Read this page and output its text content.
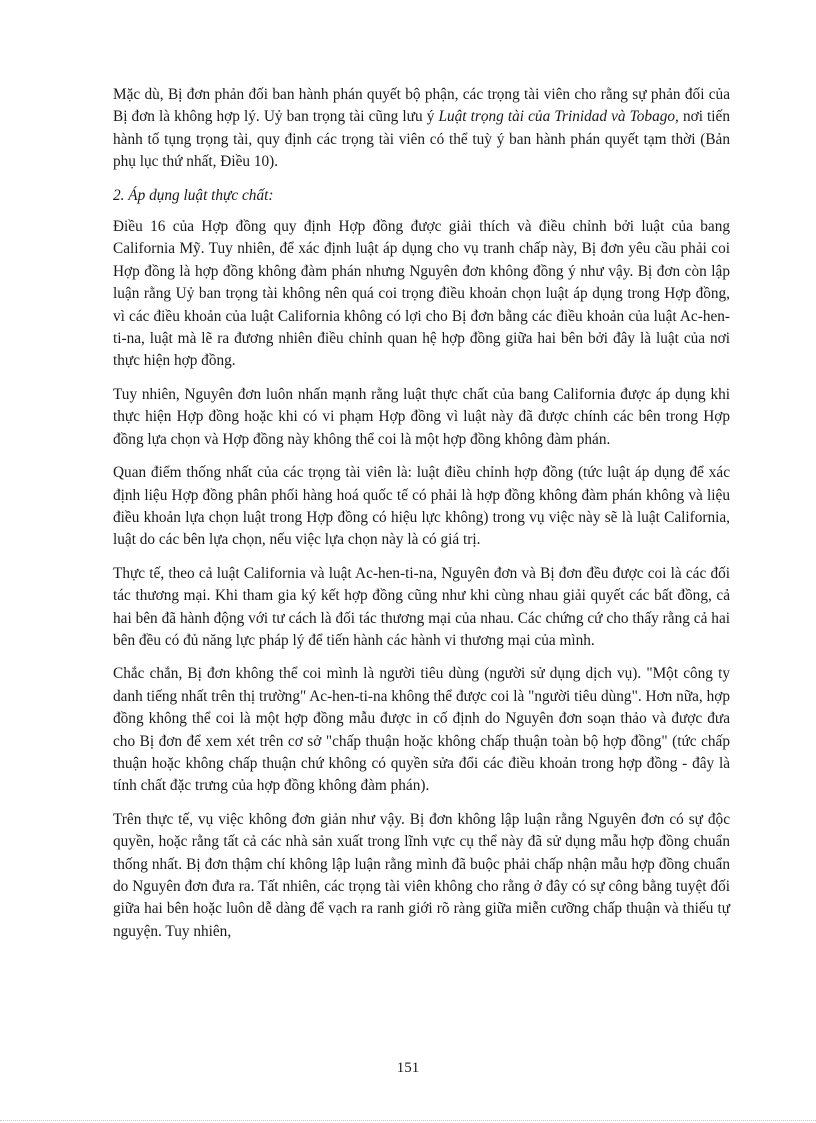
Mặc dù, Bị đơn phản đối ban hành phán quyết bộ phận, các trọng tài viên cho rằng sự phản đối của Bị đơn là không hợp lý. Uỷ ban trọng tài cũng lưu ý Luật trọng tài của Trinidad và Tobago, nơi tiến hành tố tụng trọng tài, quy định các trọng tài viên có thể tuỳ ý ban hành phán quyết tạm thời (Bản phụ lục thứ nhất, Điều 10).

2. Áp dụng luật thực chất:

Điều 16 của Hợp đồng quy định Hợp đồng được giải thích và điều chỉnh bởi luật của bang California Mỹ. Tuy nhiên, để xác định luật áp dụng cho vụ tranh chấp này, Bị đơn yêu cầu phải coi Hợp đồng là hợp đồng không đàm phán nhưng Nguyên đơn không đồng ý như vậy. Bị đơn còn lập luận rằng Uỷ ban trọng tài không nên quá coi trọng điều khoản chọn luật áp dụng trong Hợp đồng, vì các điều khoản của luật California không có lợi cho Bị đơn bằng các điều khoản của luật Ac-hen-ti-na, luật mà lẽ ra đương nhiên điều chỉnh quan hệ hợp đồng giữa hai bên bởi đây là luật của nơi thực hiện hợp đồng.

Tuy nhiên, Nguyên đơn luôn nhấn mạnh rằng luật thực chất của bang California được áp dụng khi thực hiện Hợp đồng hoặc khi có vi phạm Hợp đồng vì luật này đã được chính các bên trong Hợp đồng lựa chọn và Hợp đồng này không thể coi là một hợp đồng không đàm phán.

Quan điểm thống nhất của các trọng tài viên là: luật điều chỉnh hợp đồng (tức luật áp dụng để xác định liệu Hợp đồng phân phối hàng hoá quốc tế có phải là hợp đồng không đàm phán không và liệu điều khoản lựa chọn luật trong Hợp đồng có hiệu lực không) trong vụ việc này sẽ là luật California, luật do các bên lựa chọn, nếu việc lựa chọn này là có giá trị.

Thực tế, theo cả luật California và luật Ac-hen-ti-na, Nguyên đơn và Bị đơn đều được coi là các đối tác thương mại. Khi tham gia ký kết hợp đồng cũng như khi cùng nhau giải quyết các bất đồng, cả hai bên đã hành động với tư cách là đối tác thương mại của nhau. Các chứng cứ cho thấy rằng cả hai bên đều có đủ năng lực pháp lý để tiến hành các hành vi thương mại của mình.

Chắc chắn, Bị đơn không thể coi mình là người tiêu dùng (người sử dụng dịch vụ). "Một công ty danh tiếng nhất trên thị trường" Ac-hen-ti-na không thể được coi là "người tiêu dùng". Hơn nữa, hợp đồng không thể coi là một hợp đồng mẫu được in cố định do Nguyên đơn soạn thảo và được đưa cho Bị đơn để xem xét trên cơ sở "chấp thuận hoặc không chấp thuận toàn bộ hợp đồng" (tức chấp thuận hoặc không chấp thuận chứ không có quyền sửa đổi các điều khoản trong hợp đồng - đây là tính chất đặc trưng của hợp đồng không đàm phán).

Trên thực tế, vụ việc không đơn giản như vậy. Bị đơn không lập luận rằng Nguyên đơn có sự độc quyền, hoặc rằng tất cả các nhà sản xuất trong lĩnh vực cụ thể này đã sử dụng mẫu hợp đồng chuẩn thống nhất. Bị đơn thậm chí không lập luận rằng mình đã buộc phải chấp nhận mẫu hợp đồng chuẩn do Nguyên đơn đưa ra. Tất nhiên, các trọng tài viên không cho rằng ở đây có sự công bằng tuyệt đối giữa hai bên hoặc luôn dễ dàng để vạch ra ranh giới rõ ràng giữa miễn cưỡng chấp thuận và thiếu tự nguyện. Tuy nhiên,

151
